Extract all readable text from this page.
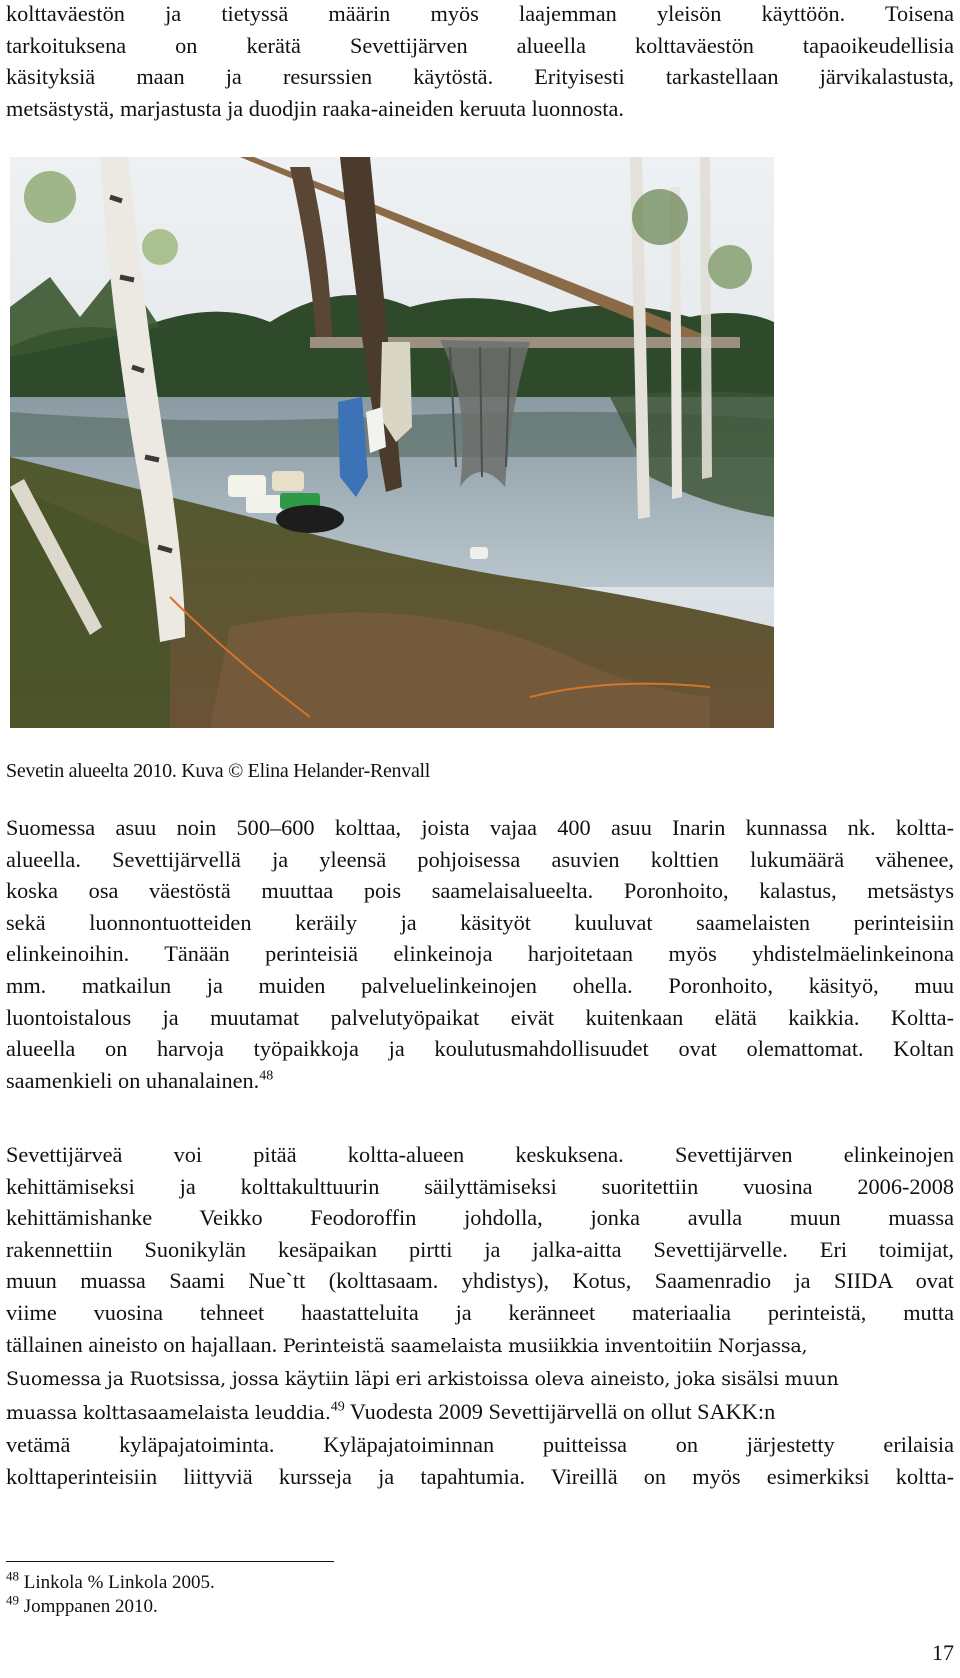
kolttaväestön ja tietyssä määrin myös laajemman yleisön käyttöön. Toisena
tarkoituksena on kerätä Sevettijärven alueella kolttaväestön tapaoikeudellisia
käsityksiä maan ja resurssien käytöstä. Erityisesti tarkastellaan järvikalastusta,
metsästystä, marjastusta ja duodjin raaka-aineiden keruuta luonnosta.

Sevetin alueelta 2010. Kuva © Elina Helander-Renvall

Suomessa asuu noin 500–600 kolttaa, joista vajaa 400 asuu Inarin kunnassa nk. koltta-
alueella. Sevettijärvellä ja yleensä pohjoisessa asuvien kolttien lukumäärä vähenee,
koska osa väestöstä muuttaa pois saamelaisalueelta. Poronhoito, kalastus, metsästys
sekä luonnontuotteiden keräily ja käsityöt kuuluvat saamelaisten perinteisiin
elinkeinoihin. Tänään perinteisiä elinkeinoja harjoitetaan myös yhdistelmäelinkeinona
mm. matkailun ja muiden palveluelinkeinojen ohella. Poronhoito, käsityö, muu
luontoistalous ja muutamat palvelutyöpaikat eivät kuitenkaan elätä kaikkia. Koltta-
alueella on harvoja työpaikkoja ja koulutusmahdollisuudet ovat olemattomat. Koltan
saamenkieli on uhanalainen.$^{48}$

Sevettijärveä voi pitää koltta-alueen keskuksena. Sevettijärven elinkeinojen
kehittämiseksi ja kolttakulttuurin säilyttämiseksi suoritettiin vuosina 2006-2008
kehittämishanke Veikko Feodoroffin johdolla, jonka avulla muun muassa
rakennettiin Suonikylän kesäpaikan pirtti ja jalka-aitta Sevettijärvelle. Eri toimijat,
muun muassa Saami Nue`tt (kolttasaam. yhdistys), Kotus, Saamenradio ja SIIDA ovat
viime vuosina tehneet haastatteluita ja keränneet materiaalia perinteistä, mutta
tällainen aineisto on hajallaan. Perinteistä saamelaista musiikkia inventoitiin Norjassa,
Suomessa ja Ruotsissa, jossa käytiin läpi eri arkistoissa oleva aineisto, joka sisälsi muun
muassa kolttasaamelaista leuddia.$^{49}$ Vuodesta 2009 Sevettijärvellä on ollut SAKK:n
vetämä kyläpajatoiminta. Kyläpajatoiminnan puitteissa on järjestetty erilaisia
kolttaperinteisiin liittyviä kursseja ja tapahtumia. Vireillä on myös esimerkiksi koltta-

$^{48}$ Linkola % Linkola 2005.

$^{49}$ Jomppanen 2010.

17
